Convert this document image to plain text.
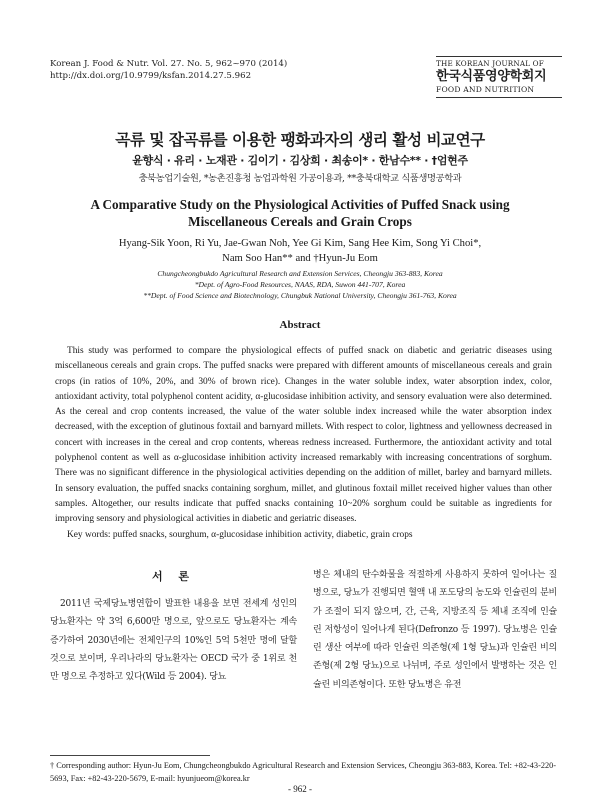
Korean J. Food & Nutr. Vol. 27. No. 5, 962~970 (2014)
http://dx.doi.org/10.9799/ksfan.2014.27.5.962
THE KOREAN JOURNAL OF
한국식품영양학회지
FOOD AND NUTRITION
곡류 및 잡곡류를 이용한 팽화과자의 생리 활성 비교연구
윤향식 · 유리 · 노재관 · 김이기 · 김상희 · 최송이* · 한남수** · †엄현주
충북농업기술원, *농촌진흥청 농업과학원 가공이용과, **충북대학교 식품생명공학과
A Comparative Study on the Physiological Activities of Puffed Snack using
Miscellaneous Cereals and Grain Crops
Hyang-Sik Yoon, Ri Yu, Jae-Gwan Noh, Yee Gi Kim, Sang Hee Kim, Song Yi Choi*,
Nam Soo Han** and †Hyun-Ju Eom
Chungcheongbukdo Agricultural Research and Extension Services, Cheongju 363-883, Korea
*Dept. of Agro-Food Resources, NAAS, RDA, Suwon 441-707, Korea
**Dept. of Food Science and Biotechnology, Chungbuk National University, Cheongju 361-763, Korea
Abstract

This study was performed to compare the physiological effects of puffed snack on diabetic and geriatric diseases using miscellaneous cereals and grain crops. The puffed snacks were prepared with different amounts of miscellaneous cereals and grain crops (in ratios of 10%, 20%, and 30% of brown rice). Changes in the water soluble index, water absorption index, color, antioxidant activity, total polyphenol content acidity, α-glucosidase inhibition activity, and sensory evaluation were also determined. As the cereal and crop contents increased, the value of the water soluble index increased while the water absorption index decreased, with the exception of glutinous foxtail and barnyard millets. With respect to color, lightness and yellowness decreased in concert with increases in the cereal and crop contents, whereas redness increased. Furthermore, the antioxidant activity and total polyphenol content as well as α-glucosidase inhibition activity increased remarkably with increasing concentrations of sorghum. There was no significant difference in the physiological activities depending on the addition of millet, barley and barnyard millets. In sensory evaluation, the puffed snacks containing sorghum, millet, and glutinous foxtail millet received higher values than other samples. Altogether, our results indicate that puffed snacks containing 10~20% sorghum could be suitable as ingredients for improving sensory and physiological activities in diabetic and geriatric diseases.

Key words: puffed snacks, sourghum, α-glucosidase inhibition activity, diabetic, grain crops

서 론

2011년 국제당뇨병연합이 발표한 내용을 보면 전세계 성인의 당뇨환자는 약 3억 6,600만 명으로, 앞으로도 당뇨환자는 계속 증가하여 2030년에는 전체인구의 10%인 5억 5천만 명에 달할 것으로 보이며, 우리나라의 당뇨환자는 OECD 국가 중 1위로 천 만 명으로 추정하고 있다(Wild 등 2004). 당뇨

병은 체내의 탄수화물을 적절하게 사용하지 못하여 일어나는 질병으로, 당뇨가 진행되면 혈액 내 포도당의 농도와 인슐린의 분비가 조절이 되지 않으며, 간, 근육, 지방조직 등 체내 조직에 인슐린 저항성이 일어나게 된다(Defronzo 등 1997). 당뇨병은 인슐린 생산 여부에 따라 인슐린 의존형(제 1형 당뇨)과 인슐린 비의존형(제 2형 당뇨)으로 나뉘며, 주로 성인에서 발병하는 것은 인슐린 비의존형이다. 또한 당뇨병은 유전

† Corresponding author: Hyun-Ju Eom, Chungcheongbukdo Agricultural Research and Extension Services, Cheongju 363-883, Korea. Tel: +82-43-220-5693, Fax: +82-43-220-5679, E-mail: hyunjueom@korea.kr
- 962 -
